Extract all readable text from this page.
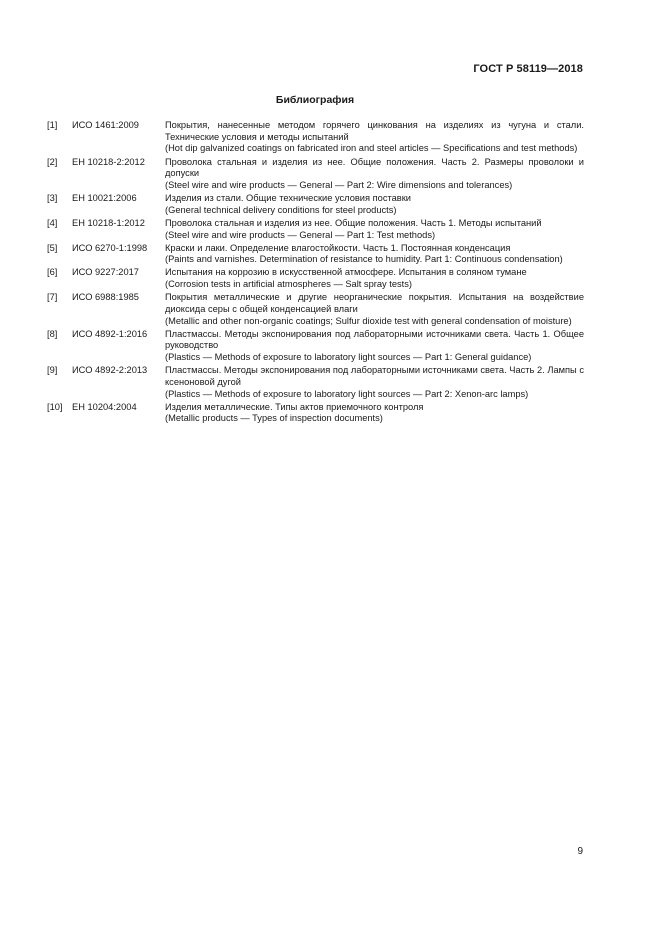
ГОСТ Р 58119—2018
Библиография
[1]	ИСО 1461:2009	Покрытия, нанесенные методом горячего цинкования на изделиях из чугуна и стали. Технические условия и методы испытаний
(Hot dip galvanized coatings on fabricated iron and steel articles — Specifications and test methods)
[2]	ЕН 10218-2:2012	Проволока стальная и изделия из нее. Общие положения. Часть 2. Размеры проволоки и допуски
(Steel wire and wire products — General — Part 2: Wire dimensions and tolerances)
[3]	ЕН 10021:2006	Изделия из стали. Общие технические условия поставки
(General technical delivery conditions for steel products)
[4]	ЕН 10218-1:2012	Проволока стальная и изделия из нее. Общие положения. Часть 1. Методы испытаний
(Steel wire and wire products — General — Part 1: Test methods)
[5]	ИСО 6270-1:1998	Краски и лаки. Определение влагостойкости. Часть 1. Постоянная конденсация
(Paints and varnishes. Determination of resistance to humidity. Part 1: Continuous condensation)
[6]	ИСО 9227:2017	Испытания на коррозию в искусственной атмосфере. Испытания в соляном тумане
(Corrosion tests in artificial atmospheres — Salt spray tests)
[7]	ИСО 6988:1985	Покрытия металлические и другие неорганические покрытия. Испытания на воздействие диоксида серы с общей конденсацией влаги
(Metallic and other non-organic coatings; Sulfur dioxide test with general condensation of moisture)
[8]	ИСО 4892-1:2016	Пластмассы. Методы экспонирования под лабораторными источниками света. Часть 1. Общее руководство
(Plastics — Methods of exposure to laboratory light sources — Part 1: General guidance)
[9]	ИСО 4892-2:2013	Пластмассы. Методы экспонирования под лабораторными источниками света. Часть 2. Лампы с ксеноновой дугой
(Plastics — Methods of exposure to laboratory light sources — Part 2: Xenon-arc lamps)
[10]	ЕН 10204:2004	Изделия металлические. Типы актов приемочного контроля
(Metallic products — Types of inspection documents)
9
